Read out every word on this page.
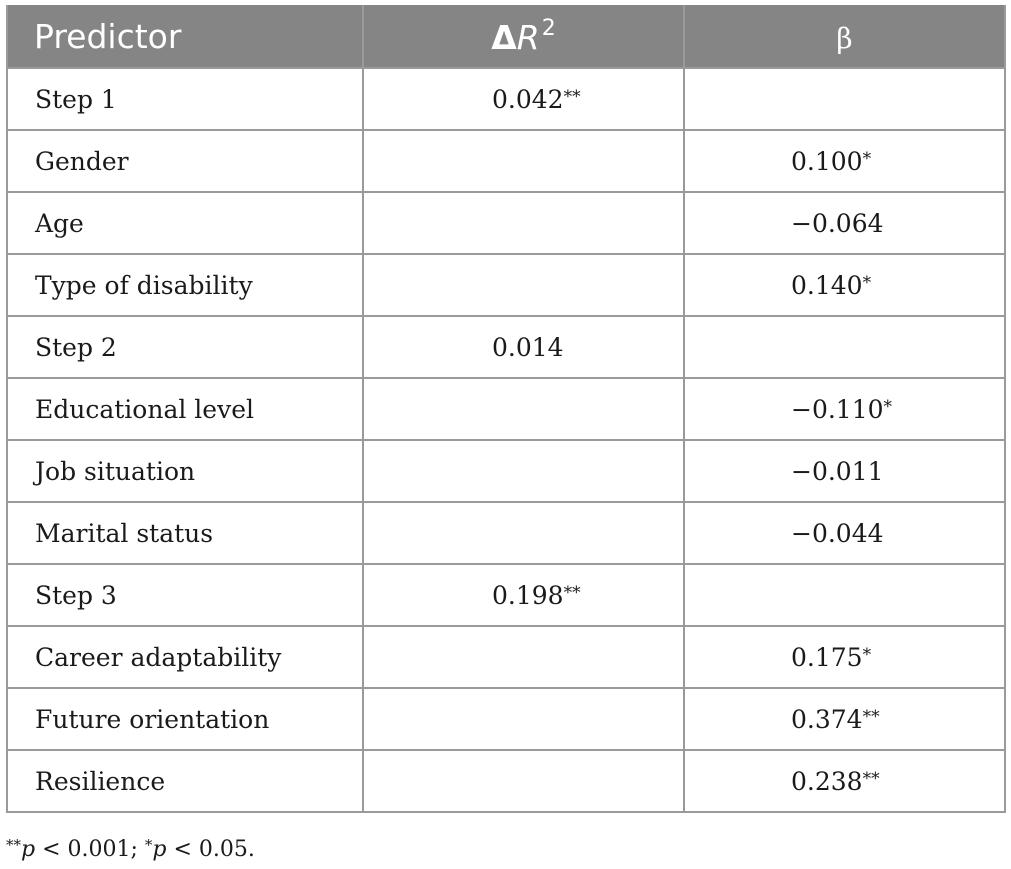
Predictor	$\Delta R^2$	β
Step 1	0.042**	
Gender		0.100*
Age		−0.064
Type of disability		0.140*
Step 2	0.014	
Educational level		−0.110*
Job situation		−0.011
Marital status		−0.044
Step 3	0.198**	
Career adaptability		0.175*
Future orientation		0.374**
Resilience		0.238**
**p < 0.001; *p < 0.05.
